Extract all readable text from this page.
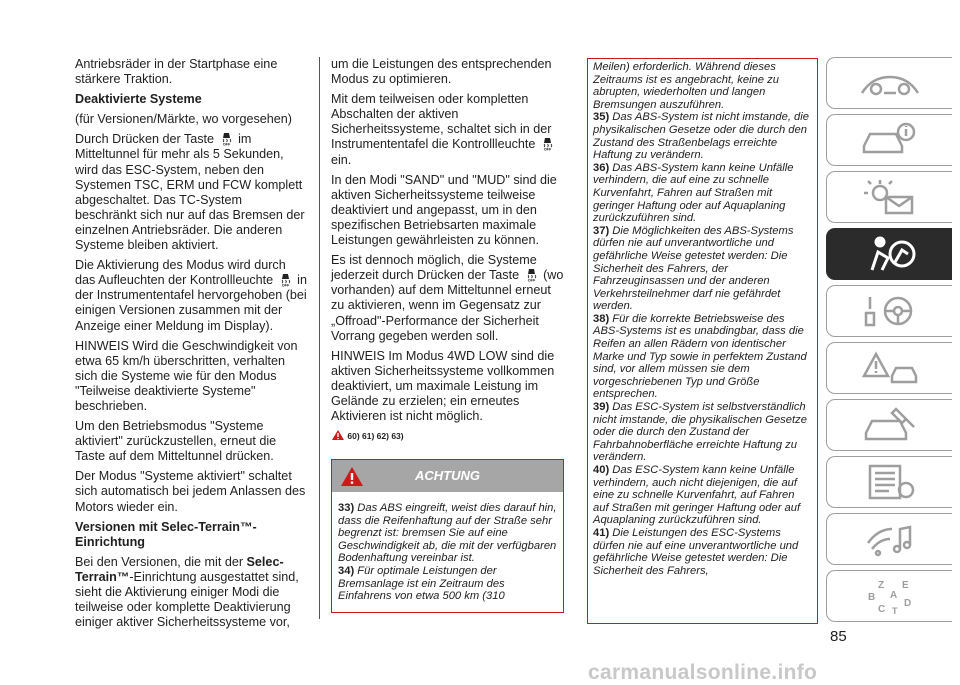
Antriebsräder in der Startphase eine stärkere Traktion.

Deaktivierte Systeme

(für Versionen/Märkte, wo vorgesehen)

Durch Drücken der Taste OFF im Mitteltunnel für mehr als 5 Sekunden, wird das ESC-System, neben den Systemen TSC, ERM und FCW komplett abgeschaltet. Das TC-System beschränkt sich nur auf das Bremsen der einzelnen Antriebsräder. Die anderen Systeme bleiben aktiviert.

Die Aktivierung des Modus wird durch das Aufleuchten der Kontrollleuchte OFF in der Instrumententafel hervorgehoben (bei einigen Versionen zusammen mit der Anzeige einer Meldung im Display).

HINWEIS Wird die Geschwindigkeit von etwa 65 km/h überschritten, verhalten sich die Systeme wie für den Modus "Teilweise deaktivierte Systeme" beschrieben.

Um den Betriebsmodus "Systeme aktiviert" zurückzustellen, erneut die Taste auf dem Mitteltunnel drücken.

Der Modus "Systeme aktiviert" schaltet sich automatisch bei jedem Anlassen des Motors wieder ein.

Versionen mit Selec-Terrain™-Einrichtung

Bei den Versionen, die mit der Selec-Terrain™-Einrichtung ausgestattet sind, sieht die Aktivierung einiger Modi die teilweise oder komplette Deaktivierung einiger aktiver Sicherheitssysteme vor,

um die Leistungen des entsprechenden Modus zu optimieren.

Mit dem teilweisen oder kompletten Abschalten der aktiven Sicherheitssysteme, schaltet sich in der Instrumententafel die Kontrollleuchte OFF
ein.

In den Modi "SAND" und "MUD" sind die aktiven Sicherheitssysteme teilweise deaktiviert und angepasst, um in den spezifischen Betriebsarten maximale Leistungen gewährleisten zu können.

Es ist dennoch möglich, die Systeme jederzeit durch Drücken der Taste OFF (wo vorhanden) auf dem Mitteltunnel erneut zu aktivieren, wenn im Gegensatz zur „Offroad"-Performance der Sicherheit Vorrang gegeben werden soll.

HINWEIS Im Modus 4WD LOW sind die aktiven Sicherheitssysteme vollkommen deaktiviert, um maximale Leistung im Gelände zu erzielen; ein erneutes Aktivieren ist nicht möglich.

60) 61) 62) 63)

ACHTUNG

33) Das ABS eingreift, weist dies darauf hin, dass die Reifenhaftung auf der Straße sehr begrenzt ist: bremsen Sie auf eine Geschwindigkeit ab, die mit der verfügbaren Bodenhaftung vereinbar ist.

34) Für optimale Leistungen der Bremsanlage ist ein Zeitraum des Einfahrens von etwa 500 km (310

Meilen) erforderlich. Während dieses Zeitraums ist es angebracht, keine zu abrupten, wiederholten und langen Bremsungen auszuführen.

35) Das ABS-System ist nicht imstande, die physikalischen Gesetze oder die durch den Zustand des Straßenbelags erreichte Haftung zu verändern.

36) Das ABS-System kann keine Unfälle verhindern, die auf eine zu schnelle Kurvenfahrt, Fahren auf Straßen mit geringer Haftung oder auf Aquaplaning zurückzuführen sind.

37) Die Möglichkeiten des ABS-Systems dürfen nie auf unverantwortliche und gefährliche Weise getestet werden: Die Sicherheit des Fahrers, der Fahrzeuginsassen und der anderen Verkehrsteilnehmer darf nie gefährdet werden.

38) Für die korrekte Betriebsweise des ABS-Systems ist es unabdingbar, dass die Reifen an allen Rädern von identischer Marke und Typ sowie in perfektem Zustand sind, vor allem müssen sie dem vorgeschriebenen Typ und Größe entsprechen.

39) Das ESC-System ist selbstverständlich nicht imstande, die physikalischen Gesetze oder die durch den Zustand der Fahrbahnoberfläche erreichte Haftung zu verändern.

40) Das ESC-System kann keine Unfälle verhindern, auch nicht diejenigen, die auf eine zu schnelle Kurvenfahrt, auf Fahren auf Straßen mit geringer Haftung oder auf Aquaplaning zurückzuführen sind.

41) Die Leistungen des ESC-Systems dürfen nie auf eine unverantwortliche und gefährliche Weise getestet werden: Die Sicherheit des Fahrers,

Z E
B A
C
D
T
85
carmanualsonline.info
